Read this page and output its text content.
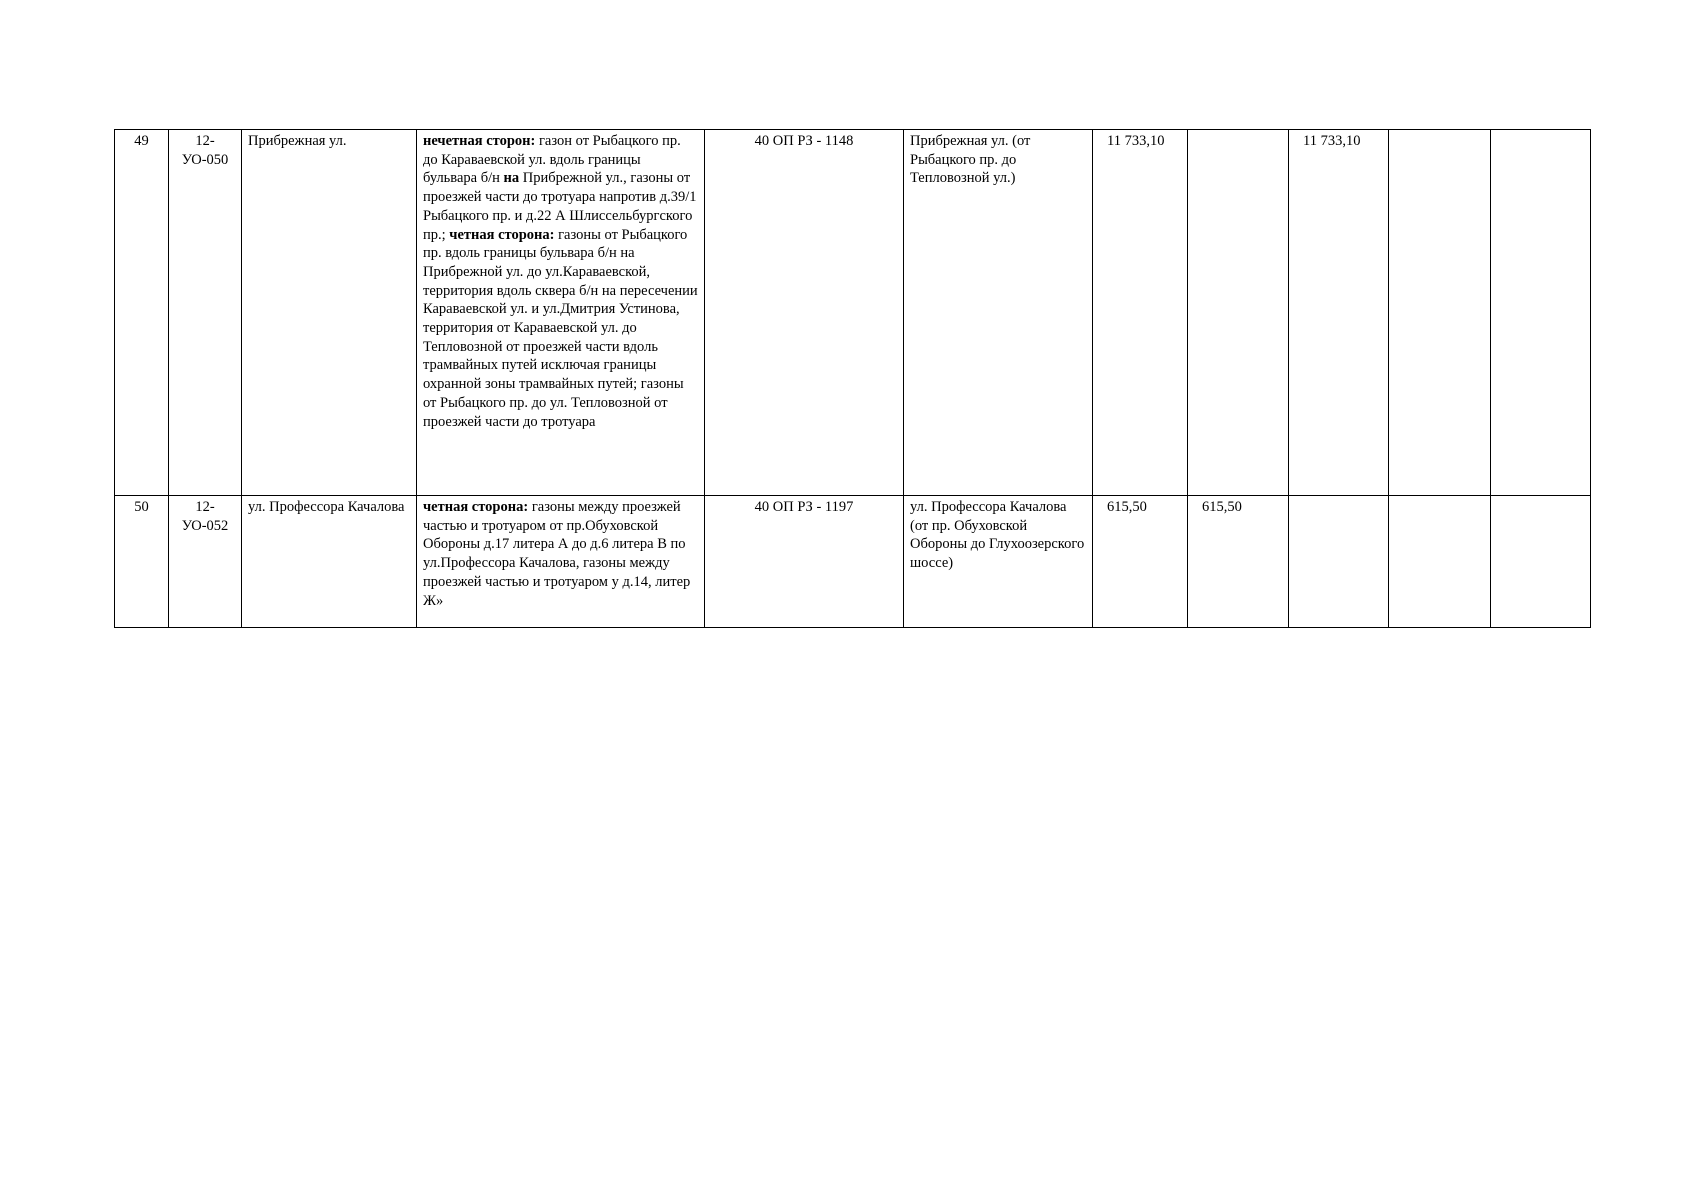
49	12-УО-050	Прибрежная ул.	нечетная сторон: газон от Рыбацкого пр. до Караваевской ул. вдоль границы бульвара б/н на Прибрежной ул., газоны от проезжей части до тротуара напротив д.39/1 Рыбацкого пр. и д.22 А Шлиссельбургского пр.; четная сторона: газоны от Рыбацкого пр. вдоль границы бульвара б/н на Прибрежной ул. до ул.Караваевской, территория вдоль сквера б/н на пересечении Караваевской ул. и ул.Дмитрия Устинова, территория от Караваевской ул. до Тепловозной от проезжей части вдоль трамвайных путей исключая границы охранной зоны трамвайных путей; газоны от Рыбацкого пр. до ул. Тепловозной от проезжей части до тротуара	40 ОП РЗ - 1148	Прибрежная ул. (от Рыбацкого пр. до Тепловозной ул.)	11 733,10		11 733,10		
50	12-УО-052	ул. Профессора Качалова	четная сторона: газоны между проезжей частью и тротуаром от пр.Обуховской Обороны д.17 литера А до д.6 литера В по ул.Профессора Качалова, газоны между проезжей частью и тротуаром у д.14, литер Ж»	40 ОП РЗ - 1197	ул. Профессора Качалова (от пр. Обуховской Обороны до Глухоозерского шоссе)	615,50	615,50			
